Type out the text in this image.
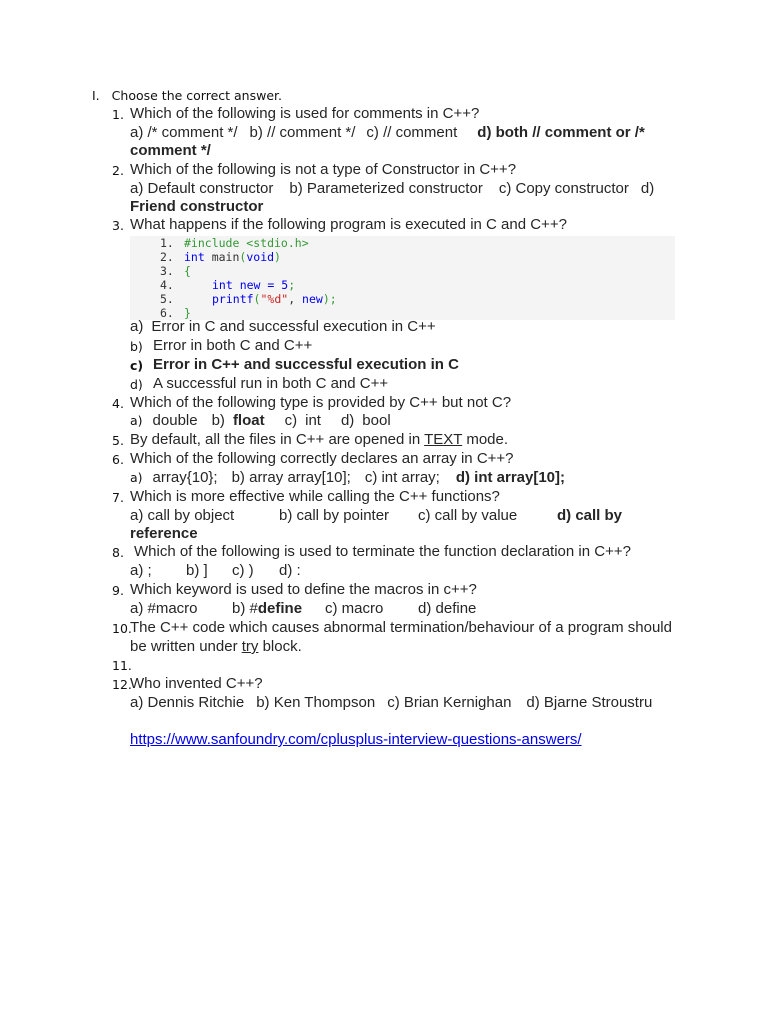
I. Choose the correct answer.
1. Which of the following is used for comments in C++?
a) /* comment */ b) // comment */ c) // comment d) both // comment or /*
comment */
2. Which of the following is not a type of Constructor in C++?
a) Default constructor b) Parameterized constructor c) Copy constructor d)
Friend constructor
3. What happens if the following program is executed in C and C++?
1. #include <stdio.h>
2. int main(void)
3. {
4.	int new = 5;
5.	printf("%d", new);
6. }
a) Error in C and successful execution in C++
b) Error in both C and C++
c) Error in C++ and successful execution in C
d) A successful run in both C and C++
4. Which of the following type is provided by C++ but not C?
a) double b) float c) int d) bool
5. By default, all the files in C++ are opened in TEXT mode.
6. Which of the following correctly declares an array in C++?
a) array{10}; b) array array[10]; c) int array; d) int array[10];
7. Which is more effective while calling the C++ functions?
a) call by object	b) call by pointer c) call by value	d) call by
reference
8. Which of the following is used to terminate the function declaration in C++?
a) ; b) ] c) ) d) :
9. Which keyword is used to define the macros in c++?
a) #macro b) #define c) macro d) define
10.
The C++ code which causes abnormal termination/behaviour of a program should
be written under try block.
11.
12.
Who invented C++?
a) Dennis Ritchie b) Ken Thompson c) Brian Kernighan d) Bjarne Stroustru
https://www.sanfoundry.com/cplusplus-interview-questions-answers/
